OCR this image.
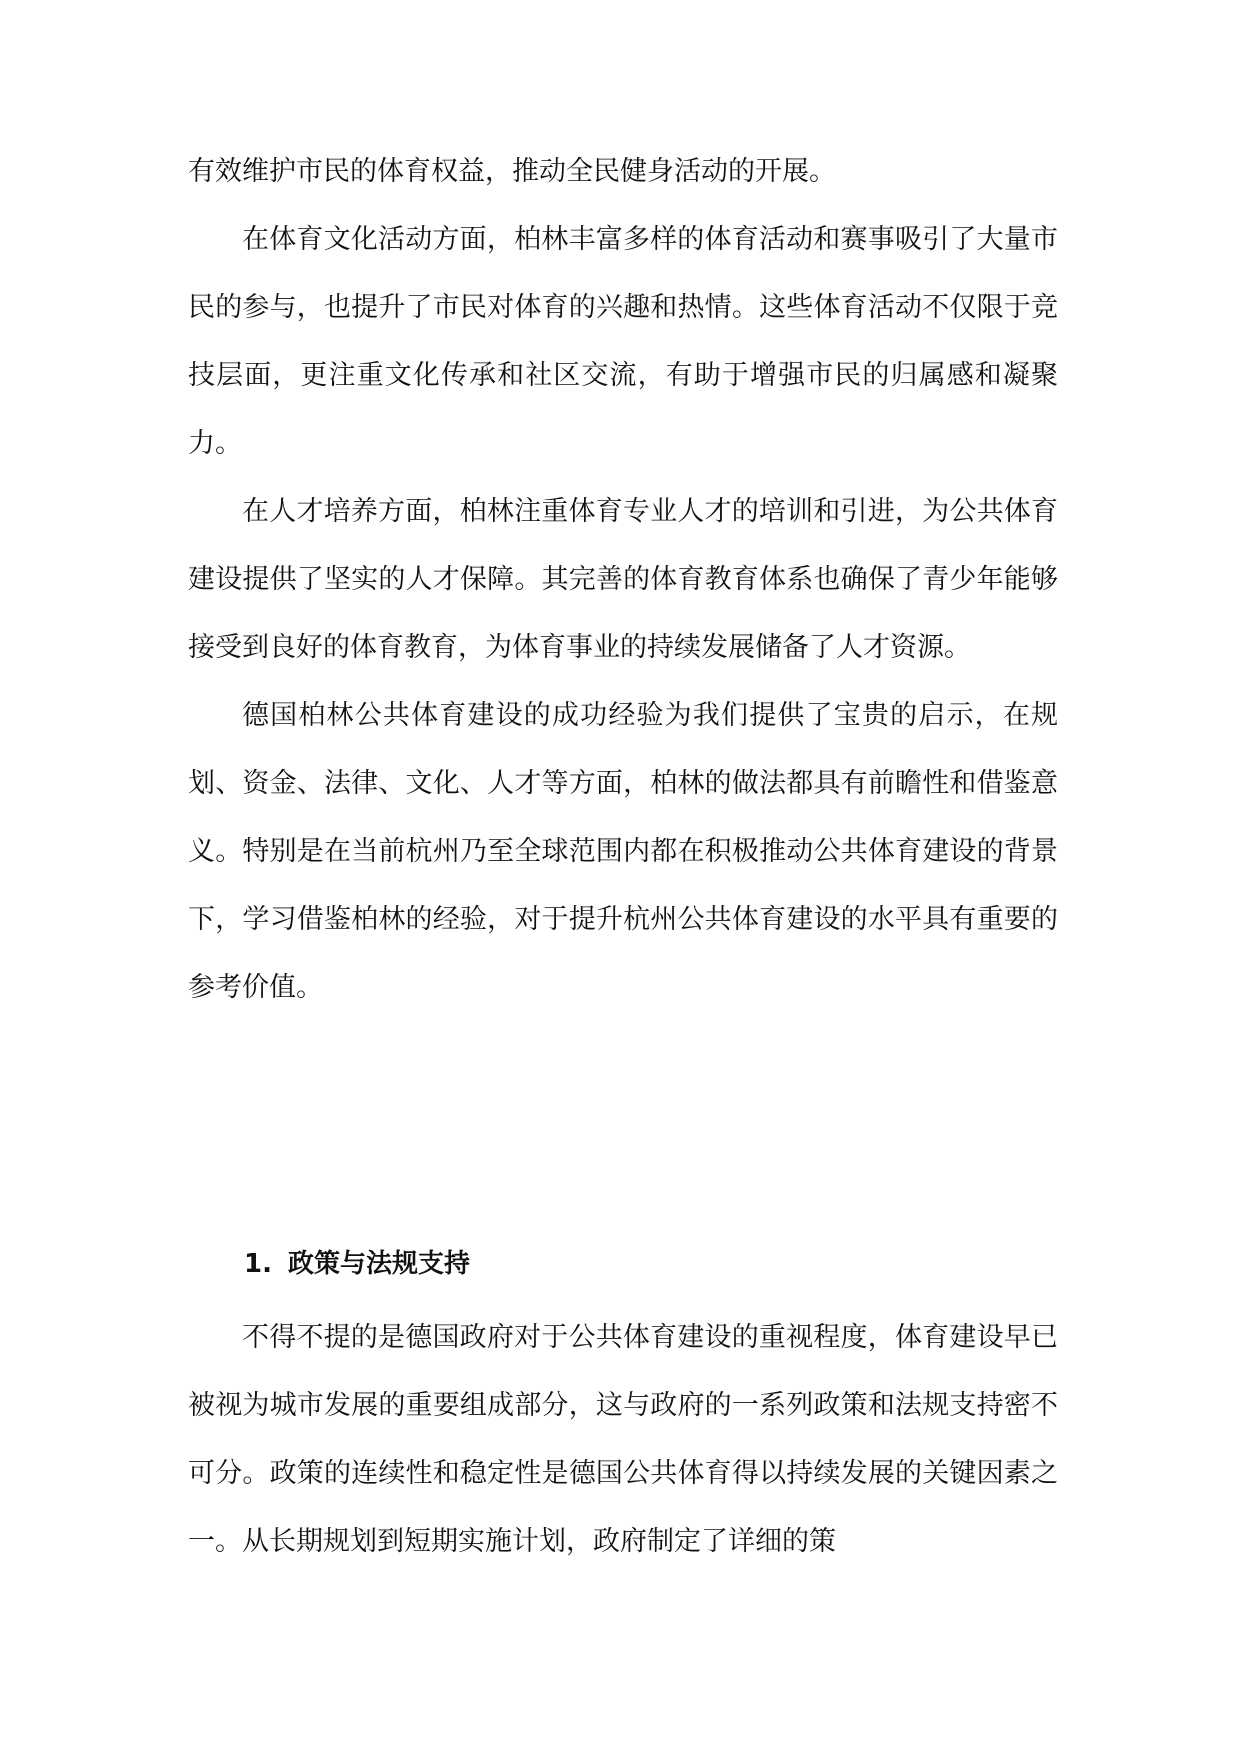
有效维护市民的体育权益，推动全民健身活动的开展。

在体育文化活动方面，柏林丰富多样的体育活动和赛事吸引了大量市民的参与，也提升了市民对体育的兴趣和热情。这些体育活动不仅限于竞技层面，更注重文化传承和社区交流，有助于增强市民的归属感和凝聚力。

在人才培养方面，柏林注重体育专业人才的培训和引进，为公共体育建设提供了坚实的人才保障。其完善的体育教育体系也确保了青少年能够接受到良好的体育教育，为体育事业的持续发展储备了人才资源。

德国柏林公共体育建设的成功经验为我们提供了宝贵的启示，在规划、资金、法律、文化、人才等方面，柏林的做法都具有前瞻性和借鉴意义。特别是在当前杭州乃至全球范围内都在积极推动公共体育建设的背景下，学习借鉴柏林的经验，对于提升杭州公共体育建设的水平具有重要的参考价值。

1. 政策与法规支持

不得不提的是德国政府对于公共体育建设的重视程度，体育建设早已被视为城市发展的重要组成部分，这与政府的一系列政策和法规支持密不可分。政策的连续性和稳定性是德国公共体育得以持续发展的关键因素之一。从长期规划到短期实施计划，政府制定了详细的策
